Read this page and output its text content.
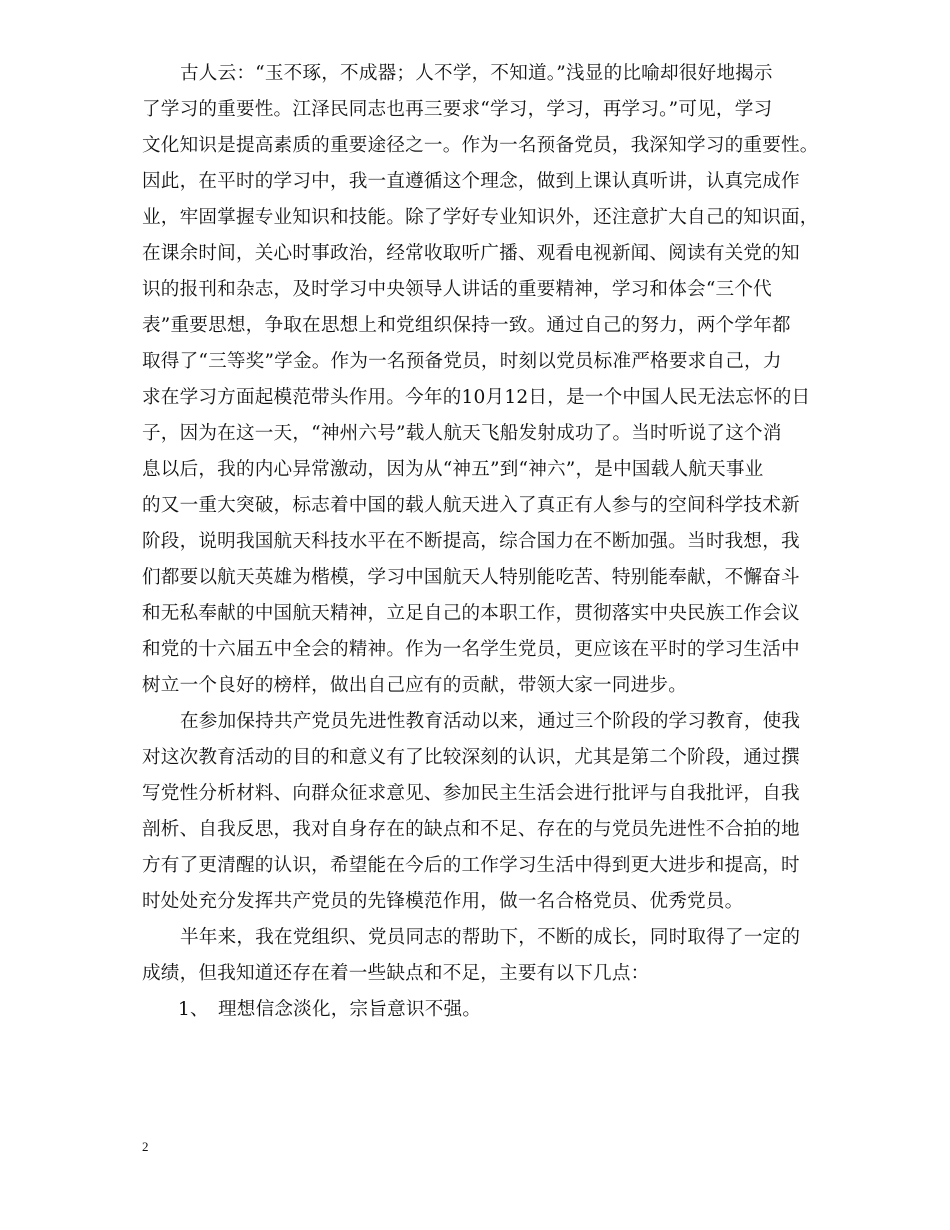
古人云：“玉不琢，不成器；人不学，不知道。”浅显的比喻却很好地揭示
了学习的重要性。江泽民同志也再三要求“学习，学习，再学习。”可见，学习
文化知识是提高素质的重要途径之一。作为一名预备党员，我深知学习的重要性。
因此，在平时的学习中，我一直遵循这个理念，做到上课认真听讲，认真完成作
业，牢固掌握专业知识和技能。除了学好专业知识外，还注意扩大自己的知识面，
在课余时间，关心时事政治，经常收取听广播、观看电视新闻、阅读有关党的知
识的报刊和杂志，及时学习中央领导人讲话的重要精神，学习和体会“三个代
表”重要思想，争取在思想上和党组织保持一致。通过自己的努力，两个学年都
取得了“三等奖”学金。作为一名预备党员，时刻以党员标准严格要求自己，力
求在学习方面起模范带头作用。今年的10月12日，是一个中国人民无法忘怀的日
子，因为在这一天，“神州六号”载人航天飞船发射成功了。当时听说了这个消
息以后，我的内心异常激动，因为从“神五”到“神六”，是中国载人航天事业
的又一重大突破，标志着中国的载人航天进入了真正有人参与的空间科学技术新
阶段，说明我国航天科技水平在不断提高，综合国力在不断加强。当时我想，我
们都要以航天英雄为楷模，学习中国航天人特别能吃苦、特别能奉献，不懈奋斗
和无私奉献的中国航天精神，立足自己的本职工作，贯彻落实中央民族工作会议
和党的十六届五中全会的精神。作为一名学生党员，更应该在平时的学习生活中
树立一个良好的榜样，做出自己应有的贡献，带领大家一同进步。
在参加保持共产党员先进性教育活动以来，通过三个阶段的学习教育，使我
对这次教育活动的目的和意义有了比较深刻的认识，尤其是第二个阶段，通过撰
写党性分析材料、向群众征求意见、参加民主生活会进行批评与自我批评，自我
剖析、自我反思，我对自身存在的缺点和不足、存在的与党员先进性不合拍的地
方有了更清醒的认识，希望能在今后的工作学习生活中得到更大进步和提高，时
时处处充分发挥共产党员的先锋模范作用，做一名合格党员、优秀党员。
半年来，我在党组织、党员同志的帮助下，不断的成长，同时取得了一定的
成绩，但我知道还存在着一些缺点和不足，主要有以下几点：
1、 理想信念淡化，宗旨意识不强。
2
